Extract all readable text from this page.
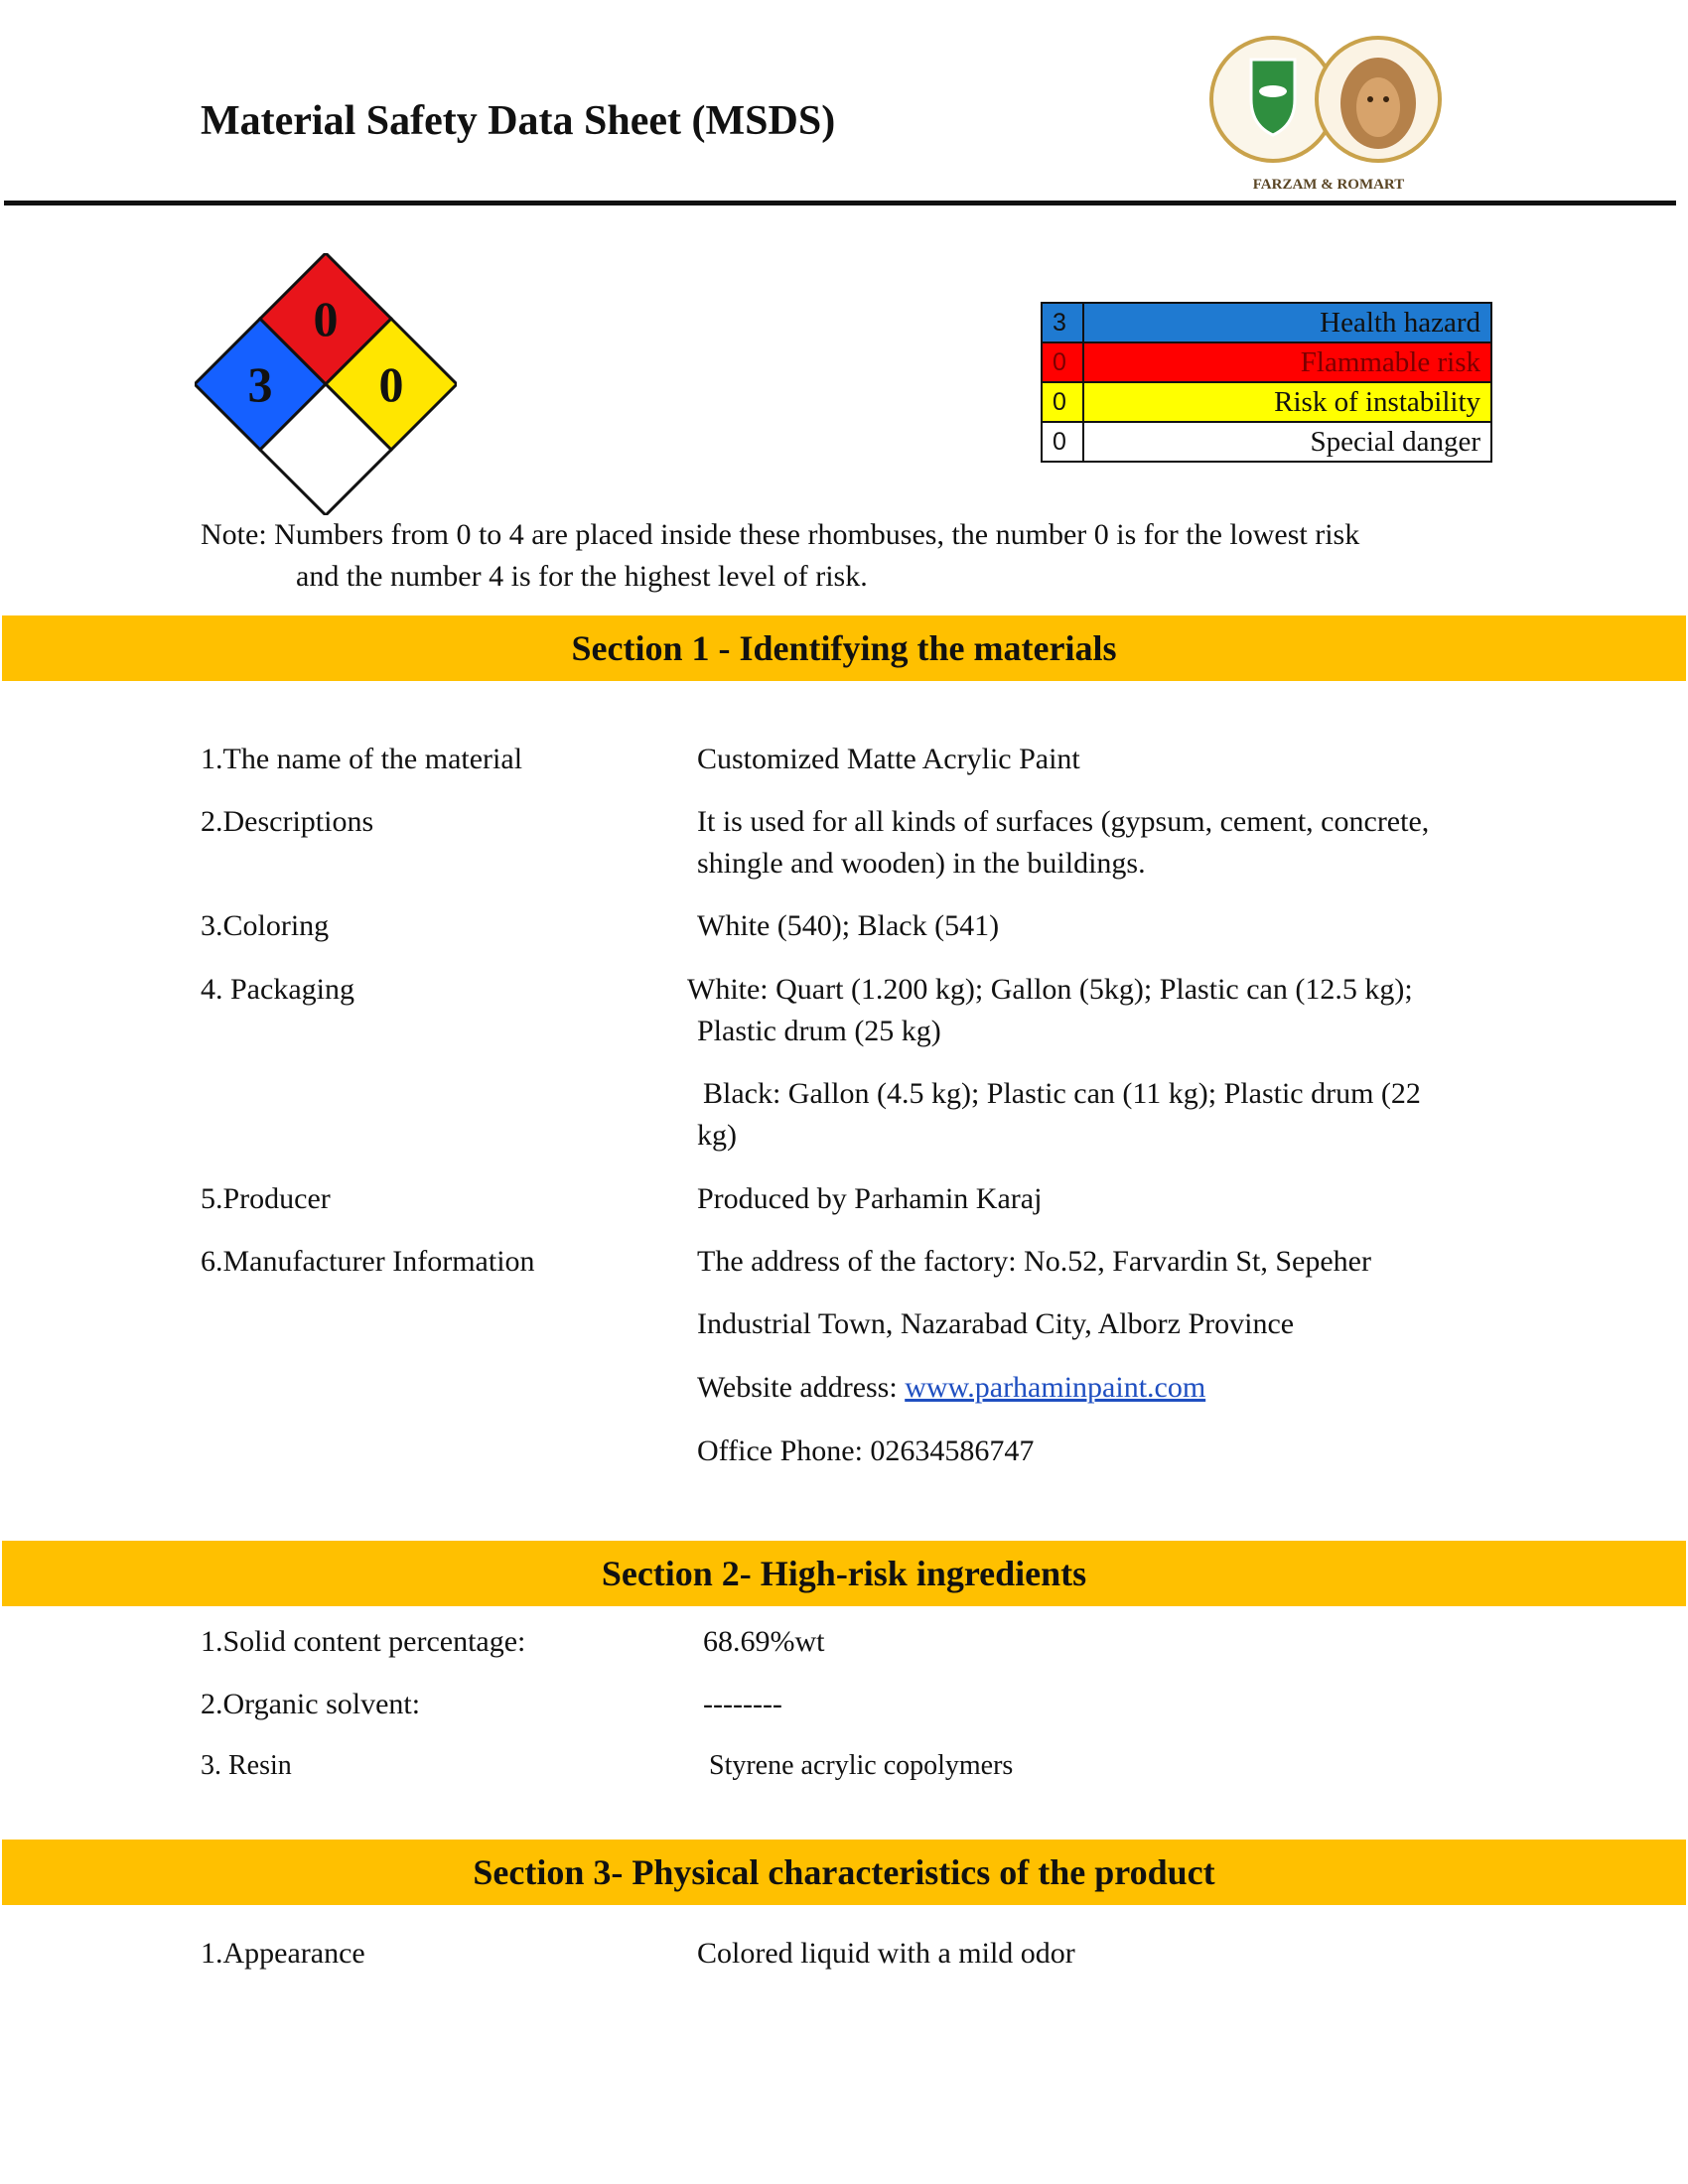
Material Safety Data Sheet (MSDS)
FARZAM & ROMART
0
3 0
3	Health hazard
0	Flammable risk
0	Risk of instability
0	Special danger
Note: Numbers from 0 to 4 are placed inside these rhombuses, the number 0 is for the lowest risk
and the number 4 is for the highest level of risk.
Section 1 - Identifying the materials
1.The name of the material	Customized Matte Acrylic Paint
2.Descriptions	It is used for all kinds of surfaces (gypsum, cement, concrete,
shingle and wooden) in the buildings.
3.Coloring	White (540); Black (541)
4. Packaging	White: Quart (1.200 kg); Gallon (5kg); Plastic can (12.5 kg);
Plastic drum (25 kg)
Black: Gallon (4.5 kg); Plastic can (11 kg); Plastic drum (22
kg)
5.Producer	Produced by Parhamin Karaj
6.Manufacturer Information	The address of the factory: No.52, Farvardin St, Sepeher
Industrial Town, Nazarabad City, Alborz Province
Website address: www.parhaminpaint.com
Office Phone: 02634586747
Section 2- High-risk ingredients
1.Solid content percentage:	68.69%wt
2.Organic solvent:	--------
3. Resin	Styrene acrylic copolymers
Section 3- Physical characteristics of the product
1.Appearance	Colored liquid with a mild odor
